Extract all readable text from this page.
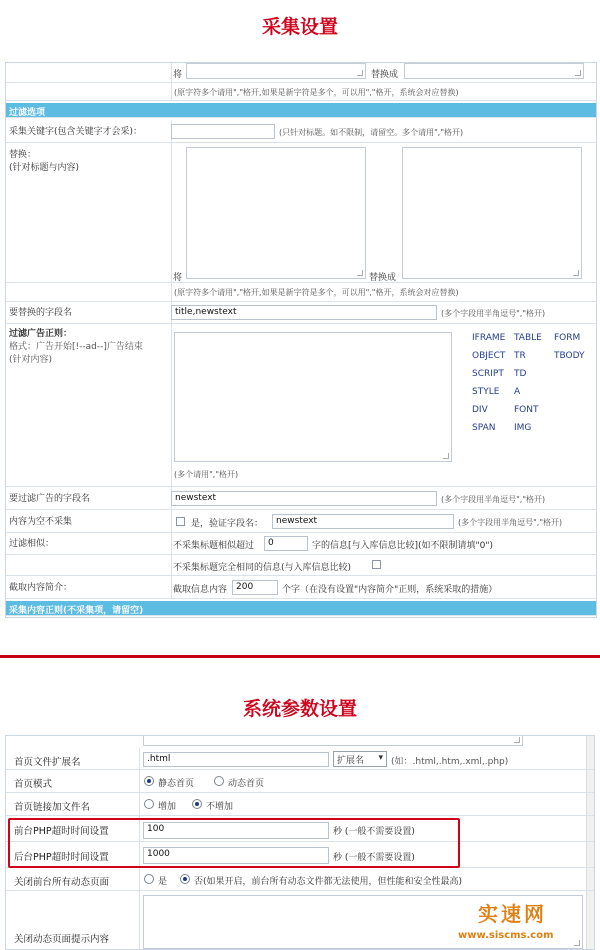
采集设置
将	替换成
(原字符多个请用","格开,如果是新字符是多个，可以用","格开，系统会对应替换)
过滤选项
采集关键字(包含关键字才会采)：	(只针对标题。如不限制，请留空。多个请用","格开)
替换：
(针对标题与内容)
将	替换成
(原字符多个请用","格开,如果是新字符是多个，可以用","格开，系统会对应替换)
要替换的字段名	title,newstext	(多个字段用半角逗号","格开)
过滤广告正则：
格式：广告开始[!--ad--]广告结束
(针对内容)
(多个请用","格开)
IFRAME TABLE FORM
OBJECT TR	TBODY
SCRIPT TD
STYLE A
DIV	FONT
SPAN IMG
要过滤广告的字段名	newstext	(多个字段用半角逗号","格开)
内容为空不采集	是，验证字段名：	newstext	(多个字段用半角逗号","格开)
过滤相似：	不采集标题相似超过	0	字的信息[与入库信息比较](如不限制请填"0")
不采集标题完全相同的信息(与入库信息比较)
截取内容简介：	截取信息内容 200	个字（在没有设置"内容简介"正则，系统采取的措施）
采集内容正则(不采集项，请留空)
系统参数设置
首页文件扩展名	.html	扩展名 ▾ (如：.html,.htm,.xml,.php)
首页模式	静态首页	动态首页
首页链接加文件名	增加	不增加
前台PHP超时时间设置	100	秒 (一般不需要设置)
后台PHP超时时间设置	1000	秒 (一般不需要设置)
关闭前台所有动态页面	是	否(如果开启，前台所有动态文件都无法使用，但性能和安全性最高)
关闭动态页面提示内容
实速网
www.siscms.com
